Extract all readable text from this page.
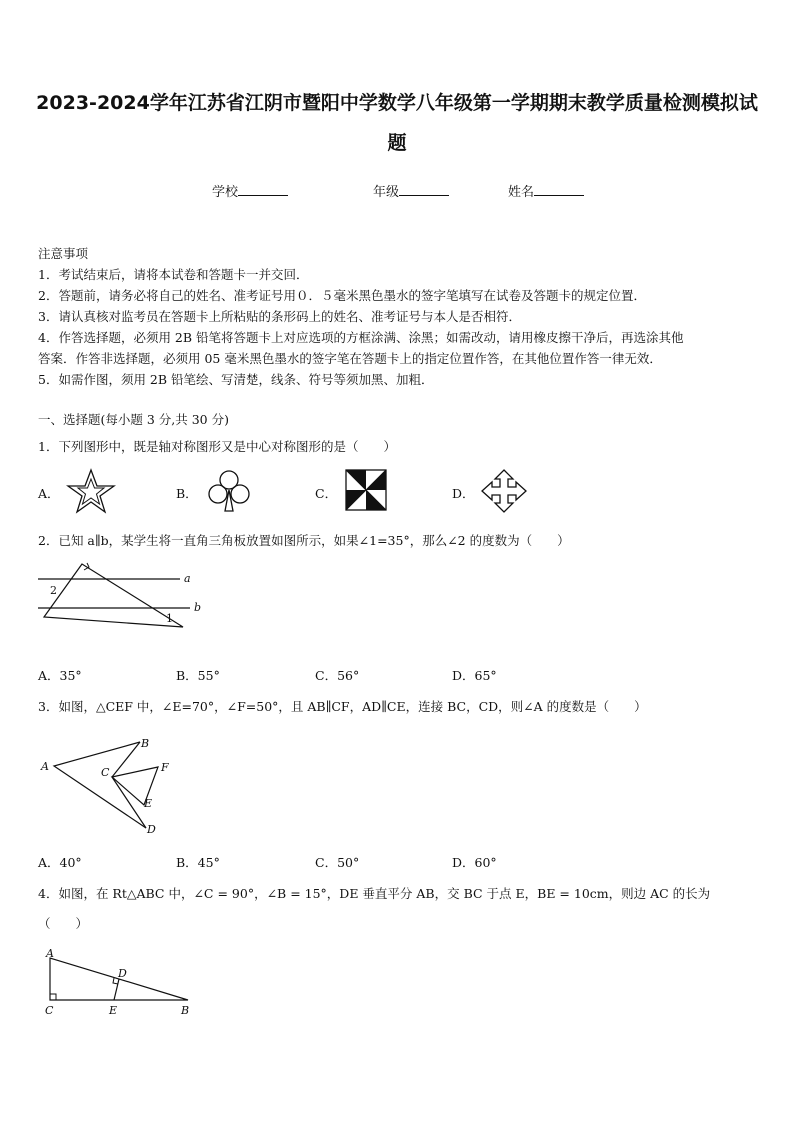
2023-2024学年江苏省江阴市暨阳中学数学八年级第一学期期末教学质量检测模拟试
题
学校	年级	姓名
注意事项
1．考试结束后，请将本试卷和答题卡一并交回．
2．答题前，请务必将自己的姓名、准考证号用０．５毫米黑色墨水的签字笔填写在试卷及答题卡的规定位置．
3．请认真核对监考员在答题卡上所粘贴的条形码上的姓名、准考证号与本人是否相符．
4．作答选择题，必须用 2B 铅笔将答题卡上对应选项的方框涂满、涂黑；如需改动，请用橡皮擦干净后，再选涂其他
答案．作答非选择题，必须用 05 毫米黑色墨水的签字笔在答题卡上的指定位置作答，在其他位置作答一律无效．
5．如需作图，须用 2B 铅笔绘、写清楚，线条、符号等须加黑、加粗．
一、选择题(每小题 3 分,共 30 分)
1．下列图形中，既是轴对称图形又是中心对称图形的是（　　）
A．	B．	C．	D．
2．已知 a∥b，某学生将一直角三角板放置如图所示，如果∠1=35°，那么∠2 的度数为（　　）
a
b
2
1
A．35°	B．55°	C．56°	D．65°
3．如图，△CEF 中，∠E=70°，∠F=50°，且 AB∥CF，AD∥CE，连接 BC，CD，则∠A 的度数是（　　）
A
B
C	F
E
D
A．40°	B．45°	C．50°	D．60°
4．如图，在 Rt△ABC 中，∠C = 90°，∠B = 15°，DE 垂直平分 AB，交 BC 于点 E，BE = 10cm，则边 AC 的长为
（　　）
A
D
C	E	B
